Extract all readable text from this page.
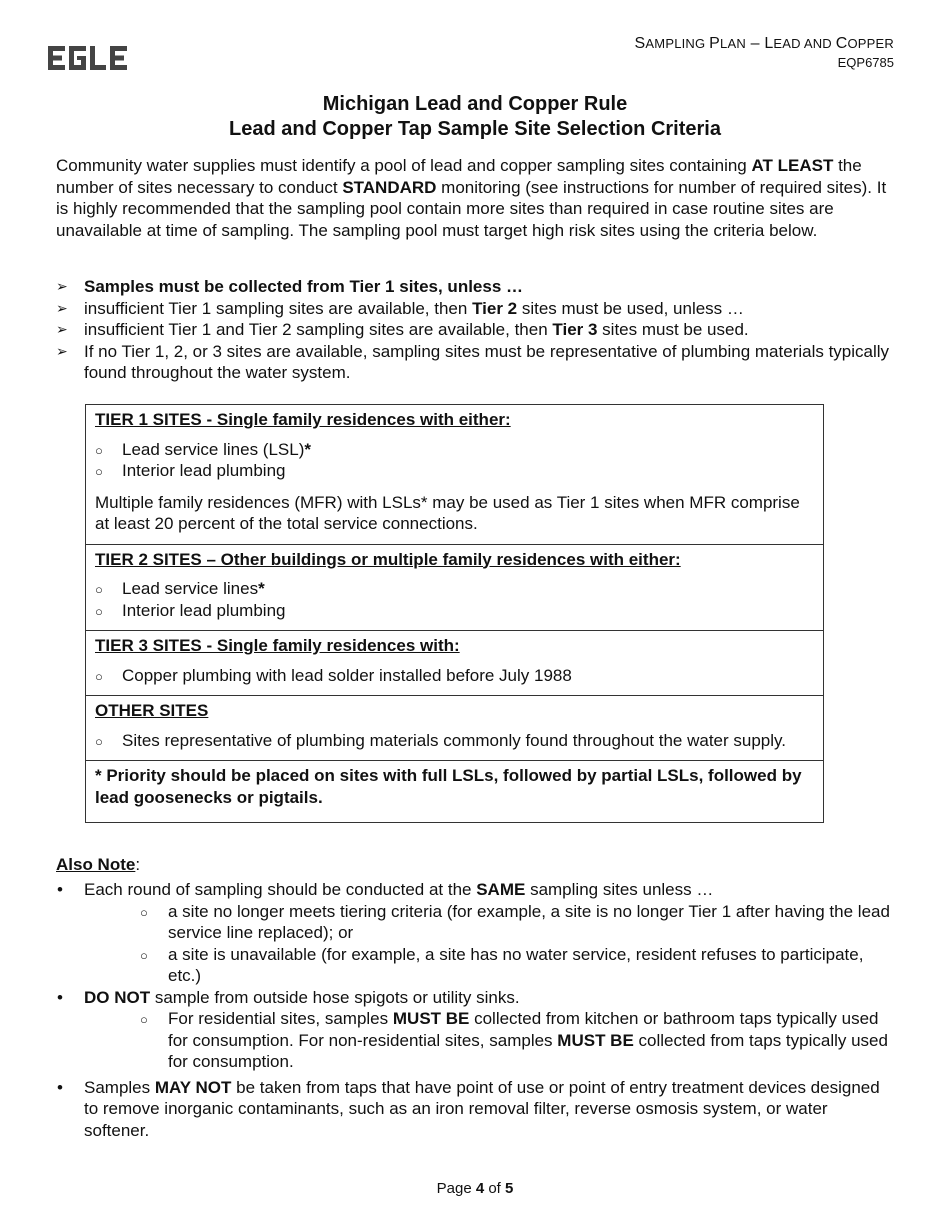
EGLE
SAMPLING PLAN – LEAD AND COPPER
EQP6785
Michigan Lead and Copper Rule
Lead and Copper Tap Sample Site Selection Criteria

Community water supplies must identify a pool of lead and copper sampling sites containing AT LEAST the number of sites necessary to conduct STANDARD monitoring (see instructions for number of required sites). It is highly recommended that the sampling pool contain more sites than required in case routine sites are unavailable at time of sampling. The sampling pool must target high risk sites using the criteria below.

➢ Samples must be collected from Tier 1 sites, unless …
➢ insufficient Tier 1 sampling sites are available, then Tier 2 sites must be used, unless …
➢ insufficient Tier 1 and Tier 2 sampling sites are available, then Tier 3 sites must be used.
➢ If no Tier 1, 2, or 3 sites are available, sampling sites must be representative of plumbing materials typically found throughout the water system.
TIER 1 SITES - Single family residences with either:
○ Lead service lines (LSL)*
○ Interior lead plumbing
Multiple family residences (MFR) with LSLs* may be used as Tier 1 sites when MFR comprise at least 20 percent of the total service connections.
TIER 2 SITES – Other buildings or multiple family residences with either:
○ Lead service lines*
○ Interior lead plumbing
TIER 3 SITES - Single family residences with:
○ Copper plumbing with lead solder installed before July 1988
OTHER SITES
○ Sites representative of plumbing materials commonly found throughout the water supply.
* Priority should be placed on sites with full LSLs, followed by partial LSLs, followed by lead goosenecks or pigtails.
Also Note:
• Each round of sampling should be conducted at the SAME sampling sites unless …
○ a site no longer meets tiering criteria (for example, a site is no longer Tier 1 after having the lead service line replaced); or
○ a site is unavailable (for example, a site has no water service, resident refuses to participate, etc.)
• DO NOT sample from outside hose spigots or utility sinks.
○ For residential sites, samples MUST BE collected from kitchen or bathroom taps typically used for consumption. For non-residential sites, samples MUST BE collected from taps typically used for consumption.
• Samples MAY NOT be taken from taps that have point of use or point of entry treatment devices designed to remove inorganic contaminants, such as an iron removal filter, reverse osmosis system, or water softener.
Page 4 of 5
